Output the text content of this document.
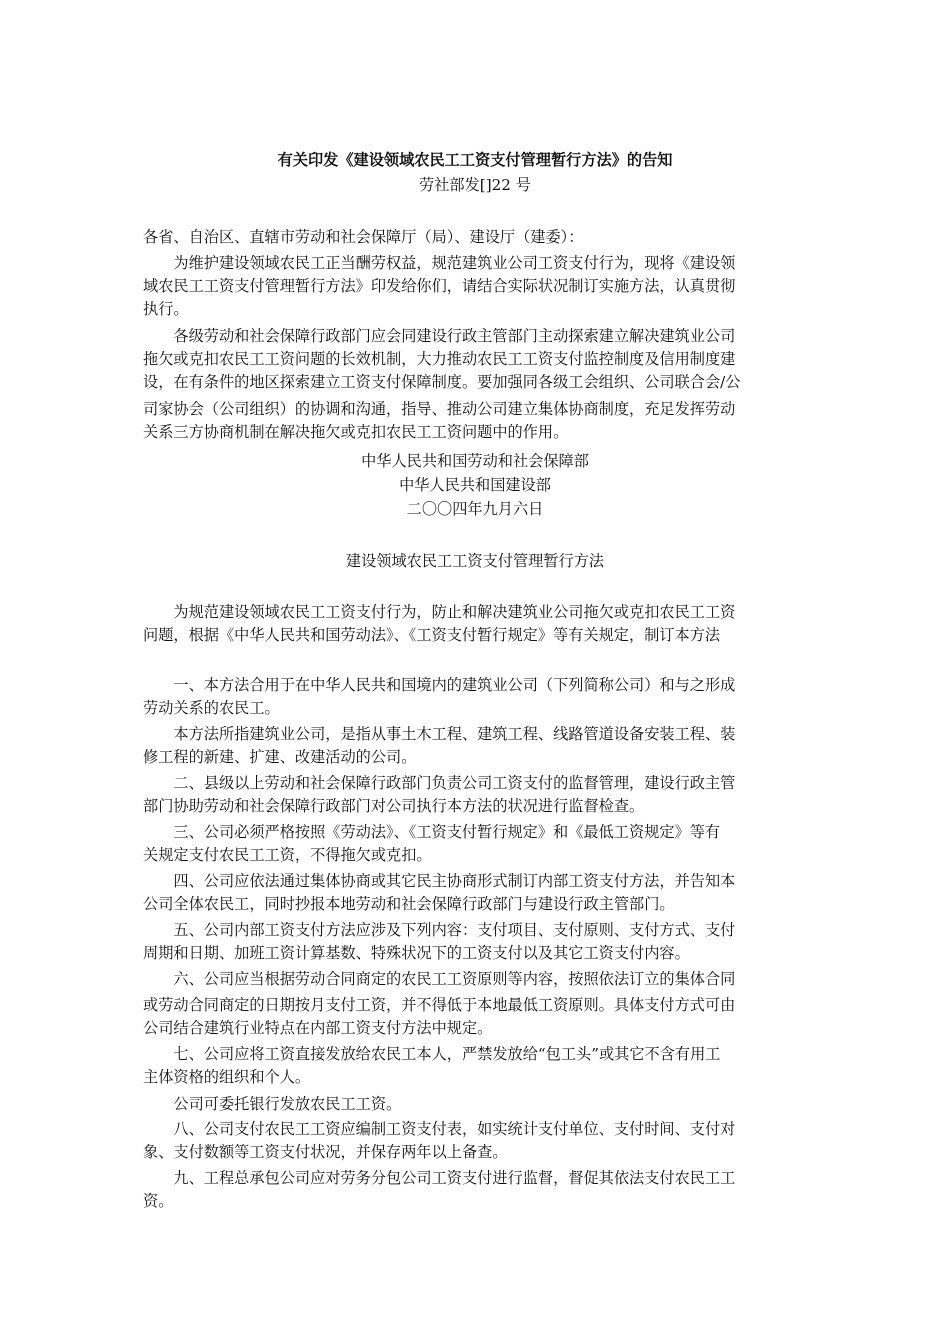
有关印发《建设领域农民工工资支付管理暂行方法》的告知
劳社部发[]22 号
各省、自治区、直辖市劳动和社会保障厅（局）、建设厅（建委）：
　　为维护建设领域农民工正当酬劳权益，规范建筑业公司工资支付行为，现将《建设领
域农民工工资支付管理暂行方法》印发给你们，请结合实际状况制订实施方法，认真贯彻
执行。
　　各级劳动和社会保障行政部门应会同建设行政主管部门主动探索建立解决建筑业公司
拖欠或克扣农民工工资问题的长效机制，大力推动农民工工资支付监控制度及信用制度建
设，在有条件的地区探索建立工资支付保障制度。要加强同各级工会组织、公司联合会/公
司家协会（公司组织）的协调和沟通，指导、推动公司建立集体协商制度，充足发挥劳动
关系三方协商机制在解决拖欠或克扣农民工工资问题中的作用。
中华人民共和国劳动和社会保障部
中华人民共和国建设部
二〇〇四年九月六日
建设领域农民工工资支付管理暂行方法
　　为规范建设领域农民工工资支付行为，防止和解决建筑业公司拖欠或克扣农民工工资
问题，根据《中华人民共和国劳动法》、《工资支付暂行规定》等有关规定，制订本方法
　　一、本方法合用于在中华人民共和国境内的建筑业公司（下列简称公司）和与之形成
劳动关系的农民工。
　　本方法所指建筑业公司，是指从事土木工程、建筑工程、线路管道设备安装工程、装
修工程的新建、扩建、改建活动的公司。
　　二、县级以上劳动和社会保障行政部门负责公司工资支付的监督管理，建设行政主管
部门协助劳动和社会保障行政部门对公司执行本方法的状况进行监督检查。
　　三、公司必须严格按照《劳动法》、《工资支付暂行规定》和《最低工资规定》等有
关规定支付农民工工资，不得拖欠或克扣。
　　四、公司应依法通过集体协商或其它民主协商形式制订内部工资支付方法，并告知本
公司全体农民工，同时抄报本地劳动和社会保障行政部门与建设行政主管部门。
　　五、公司内部工资支付方法应涉及下列内容：支付项目、支付原则、支付方式、支付
周期和日期、加班工资计算基数、特殊状况下的工资支付以及其它工资支付内容。
　　六、公司应当根据劳动合同商定的农民工工资原则等内容，按照依法订立的集体合同
或劳动合同商定的日期按月支付工资，并不得低于本地最低工资原则。具体支付方式可由
公司结合建筑行业特点在内部工资支付方法中规定。
　　七、公司应将工资直接发放给农民工本人，严禁发放给“包工头”或其它不含有用工
主体资格的组织和个人。
　　公司可委托银行发放农民工工资。
　　八、公司支付农民工工资应编制工资支付表，如实统计支付单位、支付时间、支付对
象、支付数额等工资支付状况，并保存两年以上备查。
　　九、工程总承包公司应对劳务分包公司工资支付进行监督，督促其依法支付农民工工
资。
